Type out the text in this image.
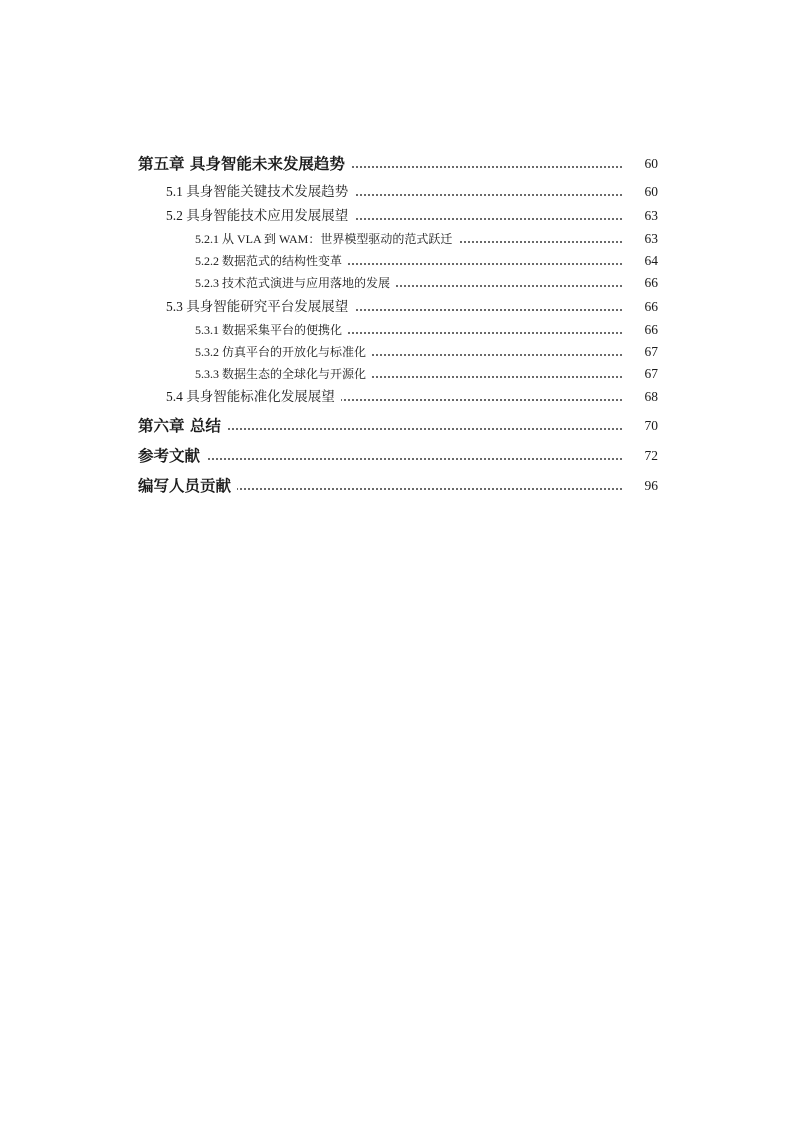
第五章 具身智能未来发展趋势	60
5.1 具身智能关键技术发展趋势	60
5.2 具身智能技术应用发展展望	63
5.2.1 从 VLA 到 WAM：世界模型驱动的范式跃迁	63
5.2.2 数据范式的结构性变革	64
5.2.3 技术范式演进与应用落地的发展	66
5.3 具身智能研究平台发展展望	66
5.3.1 数据采集平台的便携化	66
5.3.2 仿真平台的开放化与标准化	67
5.3.3 数据生态的全球化与开源化	67
5.4 具身智能标准化发展展望	68
第六章 总结	70
参考文献	72
编写人员贡献	96
